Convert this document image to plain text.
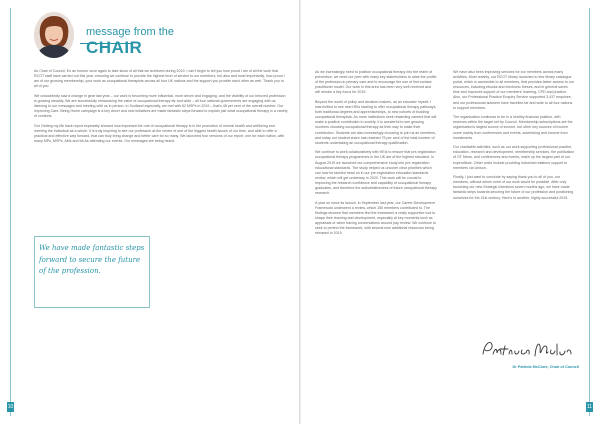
message from the
CHAIR

As Chair of Council, it's an honour once again to take stock of all that we achieved during 2019. I can't begin to tell you how proud I am of all the work that RCOT staff have carried out this year, ensuring we continue to provide the highest level of service to our members, but also and most importantly, how proud I am of our growing membership, your work as occupational therapists across all four UK nations and the support you provide each other as well. Thank you to all of you.

We undoubtedly saw a change in gear last year – our work is becoming more influential, more driven and engaging, and the visibility of our beloved profession is growing steadily. We are successfully showcasing the value of occupational therapy far and wide – all four national governments are engaging with us, listening to our messages and meeting with us in person. In Scotland especially, we met with 62 MSPs in 2019 – that's 48 per cent of the overall number. Our improving Care, Being Home campaign is a key driver and new initiatives are made fantastic steps forward to explain just what occupational therapy in a variety of contexts.

Our Getting my life back report especially showed how important the role of occupational therapy is in the promotion of mental health and wellbeing and meeting the individual as a whole. It is truly inspiring to see our profession at the centre of one of the biggest health issues of our time, and able to offer a practical and effective way forward, that can truly bring change and better care for so many. We launched four versions of our report, one for each nation, with many MPs, MSPs, AMs and MLAs attending our events. Our messages are being heard.

We have made fantastic steps forward to secure the future of the profession.
10

As we increasingly need to position occupational therapy into the realm of prevention, we need our peer with many key stakeholders to raise the profile of the profession in primary care and to encourage the use of first contact practitioner model. Our work in this area has been very well received and will remain a key focus for 2019.

Beyond the world of policy and decision-makers, as an educator myself, I was thrilled to see new HEIs starting to offer occupational therapy pathways, both traditional degrees and apprenticeships, to new cohorts of budding occupational therapists. As more institutions seek rewarding careers that will make a positive contribution to society, it is wonderful to see growing numbers choosing occupational therapy as their way to make their contribution. Students are also increasingly choosing to join us as members, and today our student share has reached 75 per cent of the total number of students undertaking an occupational therapy qualification.

We continue to work collaboratively with HEIs to ensure that pre-registration occupational therapy programmes in the UK are of the highest standard. In August 2019 we launched our comprehensive study into pre-registration educational standards. The study helped us uncover clear priorities which can now be tackled head on in our pre-registration education standards review, which will get underway in 2020. This work will be crucial to improving the research confidence and capability of occupational therapy graduates, and therefore the authoritativeness of future occupational therapy research.

A year on since its launch, in September last year, our Career Development Framework underwent a review, which 150 members contributed to. The findings showed that members find the framework a really supportive tool to shape their learning and development, especially at key moments such as appraisals or when having conversations around pay review. We continue to seek to perfect the framework, with several new additional resources being released in 2019.

We have also been improving services for our members across many activities. Most notably, our RCOT library launched a new library catalogue portal, which is accessible to all members, that provides faster access to our resources, including ebooks and electronic theses, and in general saves time and improves support of our members' learning, CPD and practice. Also, our Professional Practice Enquiry Service supported 3,437 enquiries, and our professional advisers have travelled far and wide to all four nations to support members.

The organisation continues to be in a healthy financial position, with reserves within the target set by Council. Membership subscriptions are the organisation's largest source of income, but other key sources of income come mainly from conferences and events, advertising and income from investments.

Our charitable activities, such as our work supporting professional practice, education, research and development, membership services, the publication of OT News, and conferences and events, make up the largest part of our expenditure. Other costs include providing industrial relations support to members via Unison.

Finally, I just want to conclude by saying thank you to all of you, our members, without whom none of our work would be possible. After only launching our new Strategic Intentions seven months ago, we have made fantastic steps towards securing the future of our profession and positioning ourselves for the 21st century. Here's to another, highly successful 2019.

Dr Patricia McClure, Chair of Council
11
